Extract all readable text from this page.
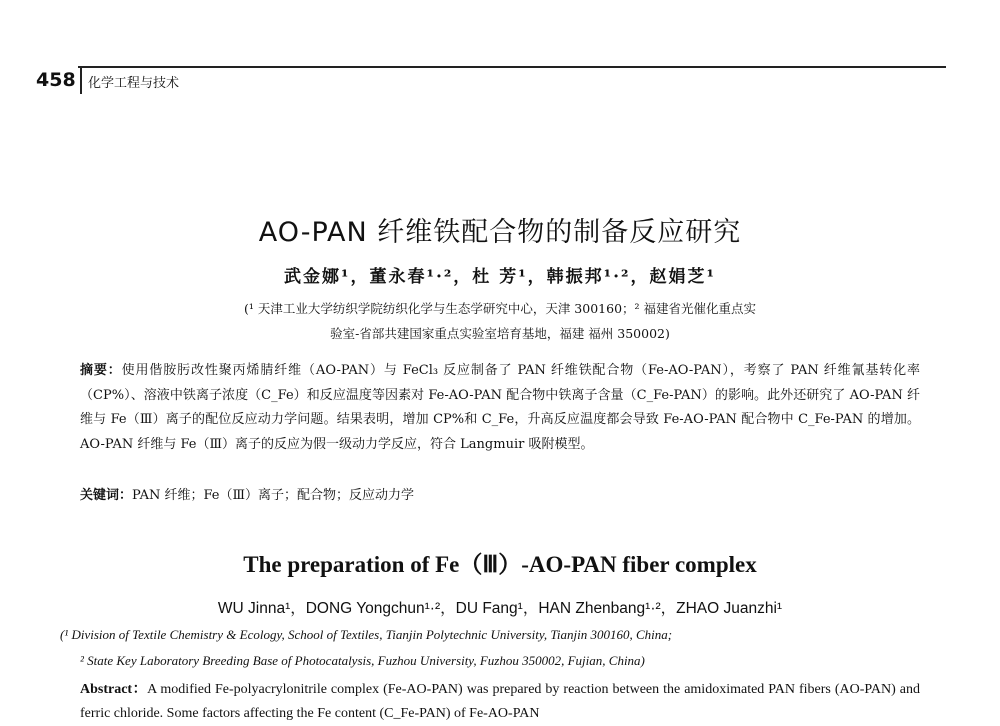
458 化学工程与技术
AO-PAN 纤维铁配合物的制备反应研究
武金娜¹，董永春¹·²，杜 芳¹，韩振邦¹·²，赵娟芝¹
(¹ 天津工业大学纺织学院纺织化学与生态学研究中心，天津 300160；² 福建省光催化重点实
验室-省部共建国家重点实验室培育基地，福建 福州 350002)
摘要：使用偕胺肟改性聚丙烯腈纤维（AO-PAN）与 FeCl₃ 反应制备了 PAN 纤维铁配合物（Fe-AO-PAN），考察了 PAN 纤维氰基转化率（CP%）、溶液中铁离子浓度（C_Fe）和反应温度等因素对 Fe-AO-PAN 配合物中铁离子含量（C_Fe-PAN）的影响。此外还研究了 AO-PAN 纤维与 Fe（Ⅲ）离子的配位反应动力学问题。结果表明，增加 CP%和 C_Fe，升高反应温度都会导致 Fe-AO-PAN 配合物中 C_Fe-PAN 的增加。AO-PAN 纤维与 Fe（Ⅲ）离子的反应为假一级动力学反应，符合 Langmuir 吸附模型。
关键词：PAN 纤维；Fe（Ⅲ）离子；配合物；反应动力学
The preparation of Fe（Ⅲ）-AO-PAN fiber complex
WU Jinna¹，DONG Yongchun¹·²，DU Fang¹，HAN Zhenbang¹·²，ZHAO Juanzhi¹
(¹ Division of Textile Chemistry & Ecology, School of Textiles, Tianjin Polytechnic University, Tianjin 300160, China;
² State Key Laboratory Breeding Base of Photocatalysis, Fuzhou University, Fuzhou 350002, Fujian, China)
Abstract：A modified Fe-polyacrylonitrile complex (Fe-AO-PAN) was prepared by reaction between the amidoximated PAN fibers (AO-PAN) and ferric chloride. Some factors affecting the Fe content (C_Fe-PAN) of Fe-AO-PAN
